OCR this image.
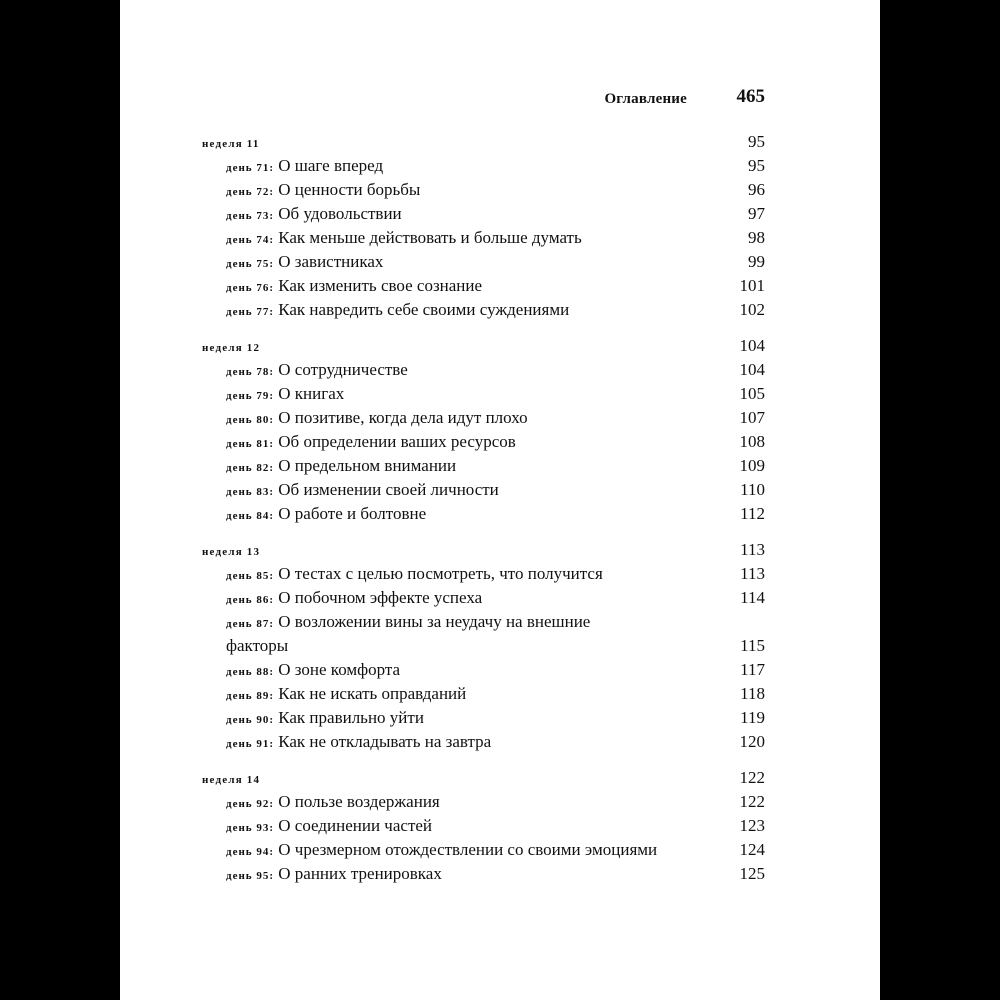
Оглавление	465
неделя 11	95
день 71: О шаге вперед	95
день 72: О ценности борьбы	96
день 73: Об удовольствии	97
день 74: Как меньше действовать и больше думать	98
день 75: О завистниках	99
день 76: Как изменить свое сознание	101
день 77: Как навредить себе своими суждениями	102
неделя 12	104
день 78: О сотрудничестве	104
день 79: О книгах	105
день 80: О позитиве, когда дела идут плохо	107
день 81: Об определении ваших ресурсов	108
день 82: О предельном внимании	109
день 83: Об изменении своей личности	110
день 84: О работе и болтовне	112
неделя 13	113
день 85: О тестах с целью посмотреть, что получится	113
день 86: О побочном эффекте успеха	114
день 87: О возложении вины за неудачу на внешние
факторы	115
день 88: О зоне комфорта	117
день 89: Как не искать оправданий	118
день 90: Как правильно уйти	119
день 91: Как не откладывать на завтра	120
неделя 14	122
день 92: О пользе воздержания	122
день 93: О соединении частей	123
день 94: О чрезмерном отождествлении со своими эмоциями	124
день 95: О ранних тренировках	125
